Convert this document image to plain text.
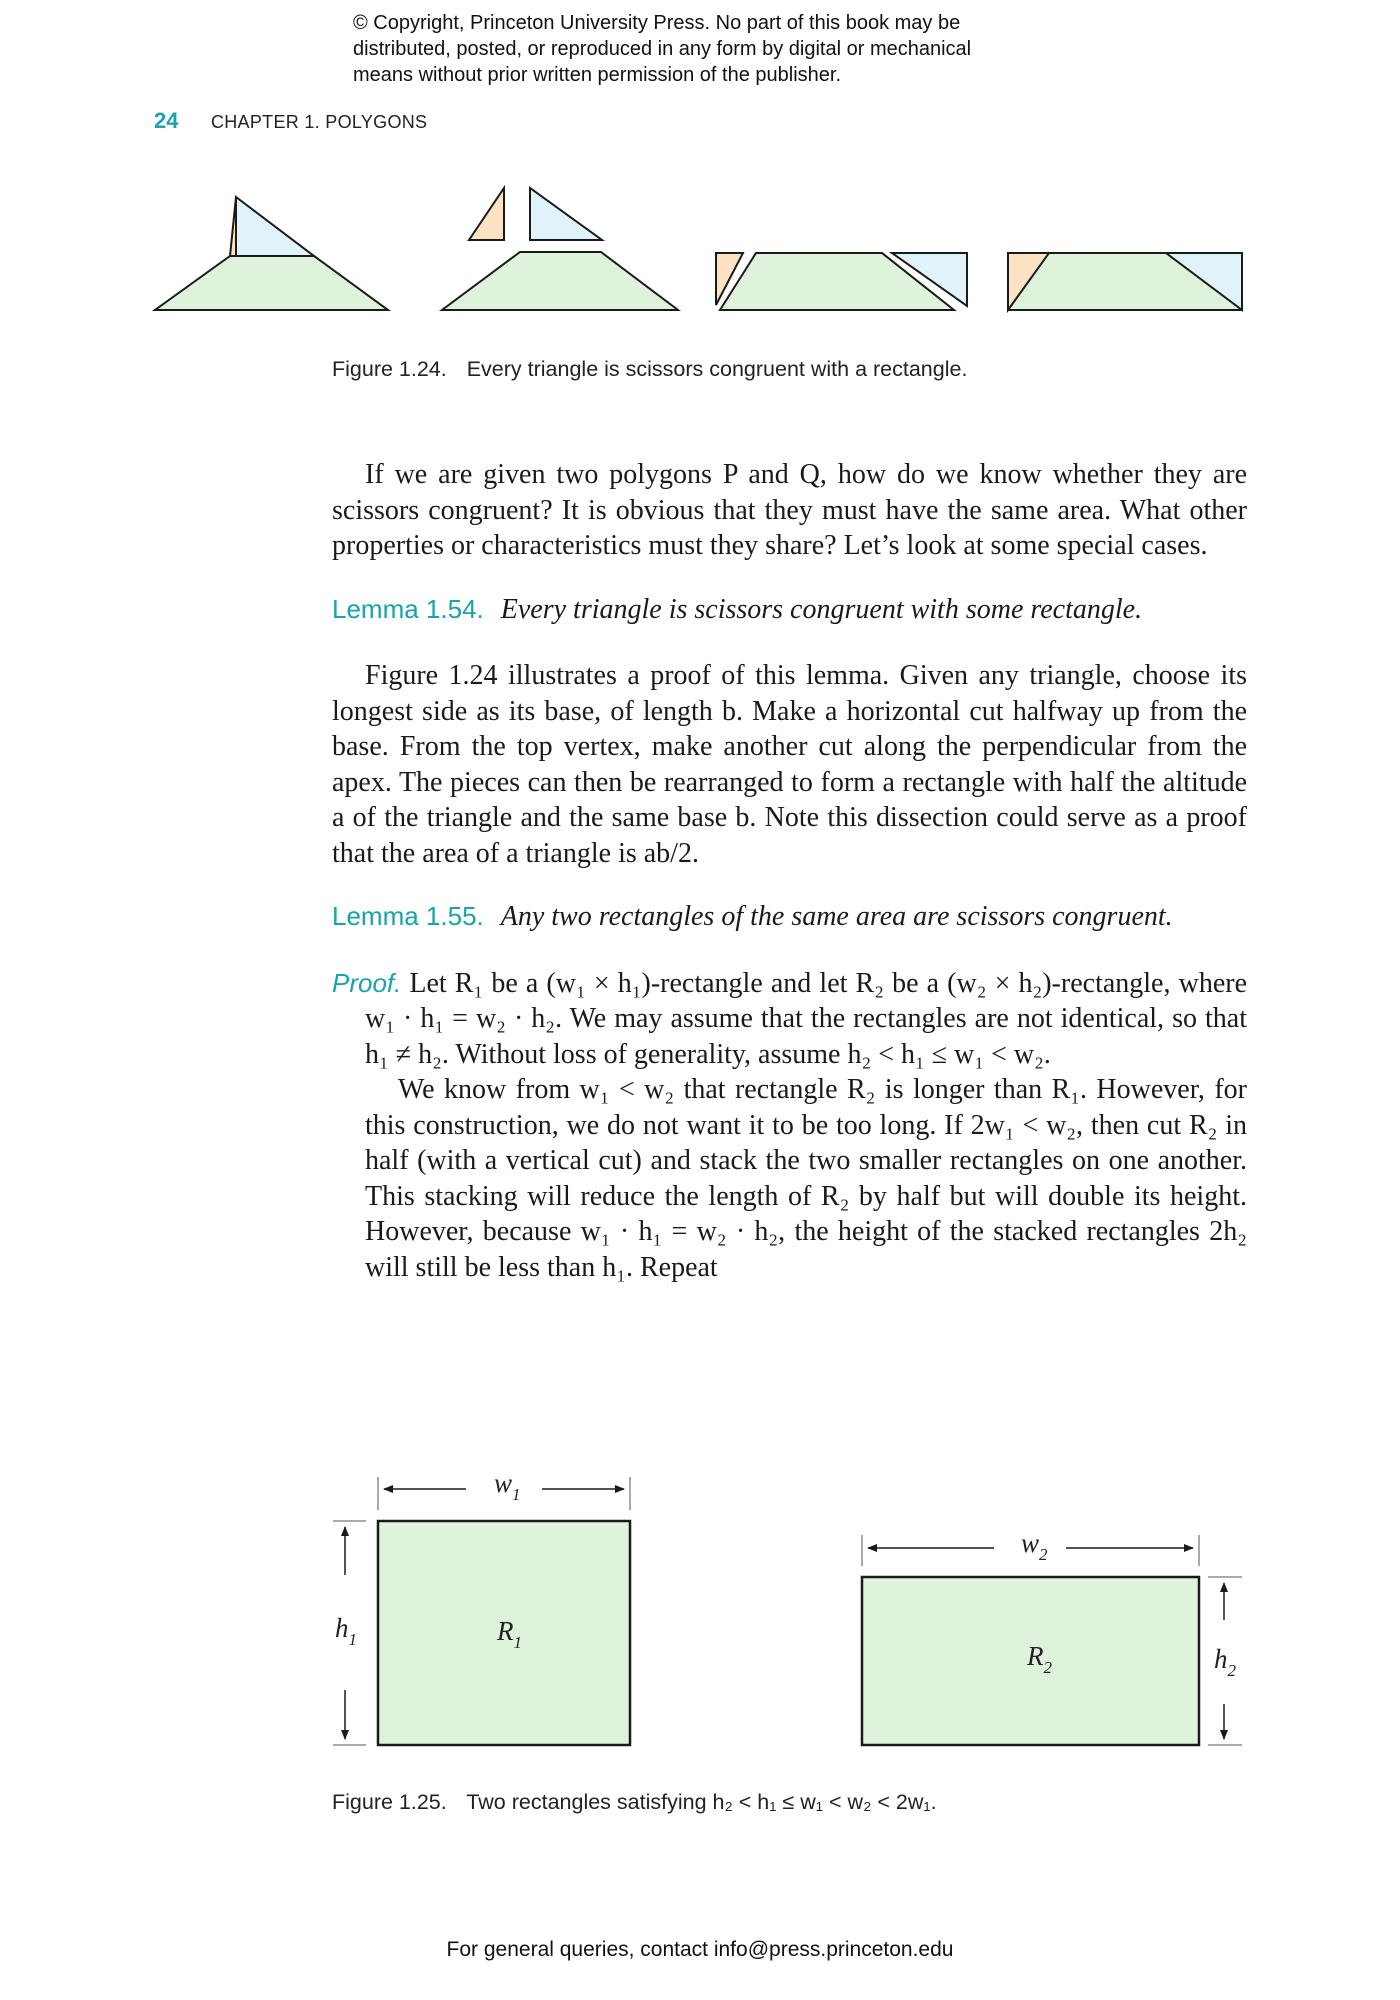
© Copyright, Princeton University Press. No part of this book may be
distributed, posted, or reproduced in any form by digital or mechanical
means without prior written permission of the publisher.
24 CHAPTER 1. POLYGONS
Figure 1.24. Every triangle is scissors congruent with a rectangle.

If we are given two polygons P and Q, how do we know whether they are scissors congruent? It is obvious that they must have the same area. What other properties or characteristics must they share? Let’s look at some special cases.

Lemma 1.54. Every triangle is scissors congruent with some rectangle.

Figure 1.24 illustrates a proof of this lemma. Given any triangle, choose its longest side as its base, of length b. Make a horizontal cut halfway up from the base. From the top vertex, make another cut along the perpendicular from the apex. The pieces can then be rearranged to form a rectangle with half the altitude a of the triangle and the same base b. Note this dissection could serve as a proof that the area of a triangle is ab/2.

Lemma 1.55. Any two rectangles of the same area are scissors congruent.

Proof. Let R₁ be a (w₁ × h₁)-rectangle and let R₂ be a (w₂ × h₂)-rectangle, where w₁ · h₁ = w₂ · h₂. We may assume that the rectangles are not identical, so that h₁ ≠ h₂. Without loss of generality, assume h₂ < h₁ ≤ w₁ < w₂.

We know from w₁ < w₂ that rectangle R₂ is longer than R₁. However, for this construction, we do not want it to be too long. If 2w₁ < w₂, then cut R₂ in half (with a vertical cut) and stack the two smaller rectangles on one another. This stacking will reduce the length of R₂ by half but will double its height. However, because w₁ · h₁ = w₂ · h₂, the height of the stacked rectangles 2h₂ will still be less than h₁. Repeat

$w_1$
$h_1$	$R_1$
$w_2$
$h_2$
$R_2$
Figure 1.25. Two rectangles satisfying h₂ < h₁ ≤ w₁ < w₂ < 2w₁.
For general queries, contact info@press.princeton.edu
